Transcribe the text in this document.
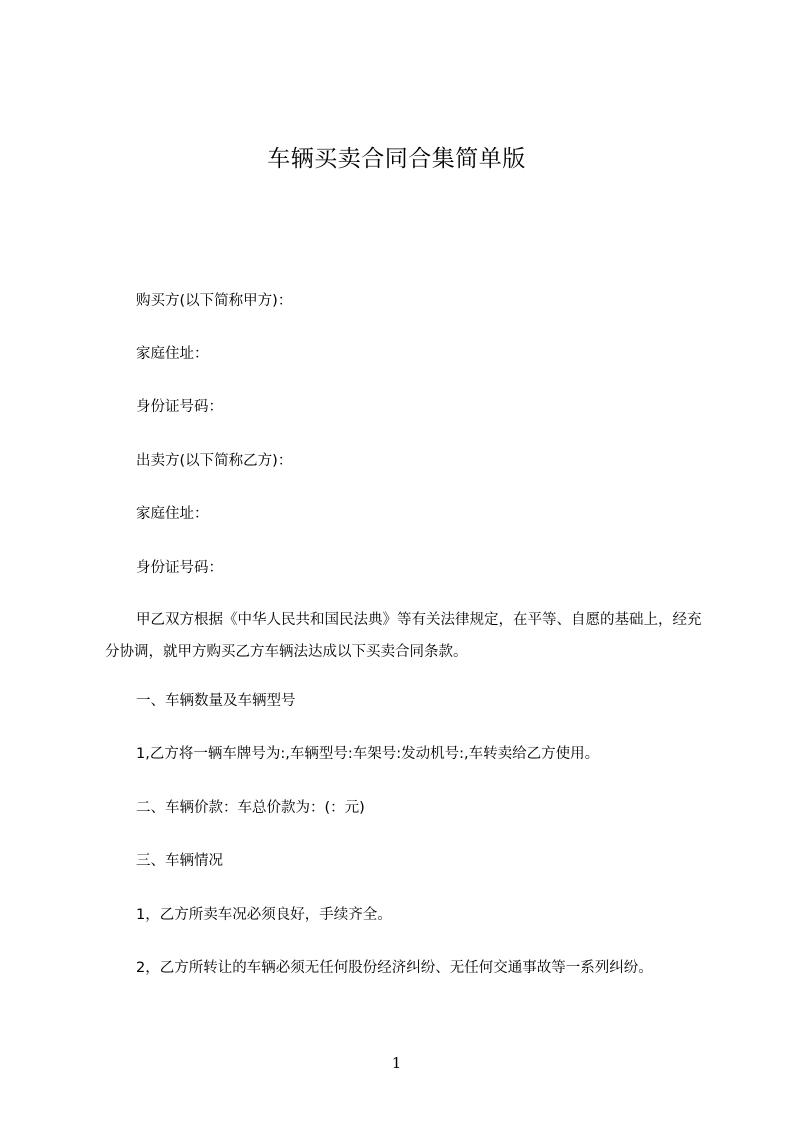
车辆买卖合同合集简单版

购买方(以下简称甲方)：

家庭住址：

身份证号码：

出卖方(以下简称乙方)：

家庭住址：

身份证号码：

甲乙双方根据《中华人民共和国民法典》等有关法律规定，在平等、自愿的基础上，经充分协调，就甲方购买乙方车辆法达成以下买卖合同条款。

一、车辆数量及车辆型号

1,乙方将一辆车牌号为:,车辆型号:车架号:发动机号:,车转卖给乙方使用。

二、车辆价款：车总价款为：(：元)

三、车辆情况

1，乙方所卖车况必须良好，手续齐全。

2，乙方所转让的车辆必须无任何股份经济纠纷、无任何交通事故等一系列纠纷。

1
